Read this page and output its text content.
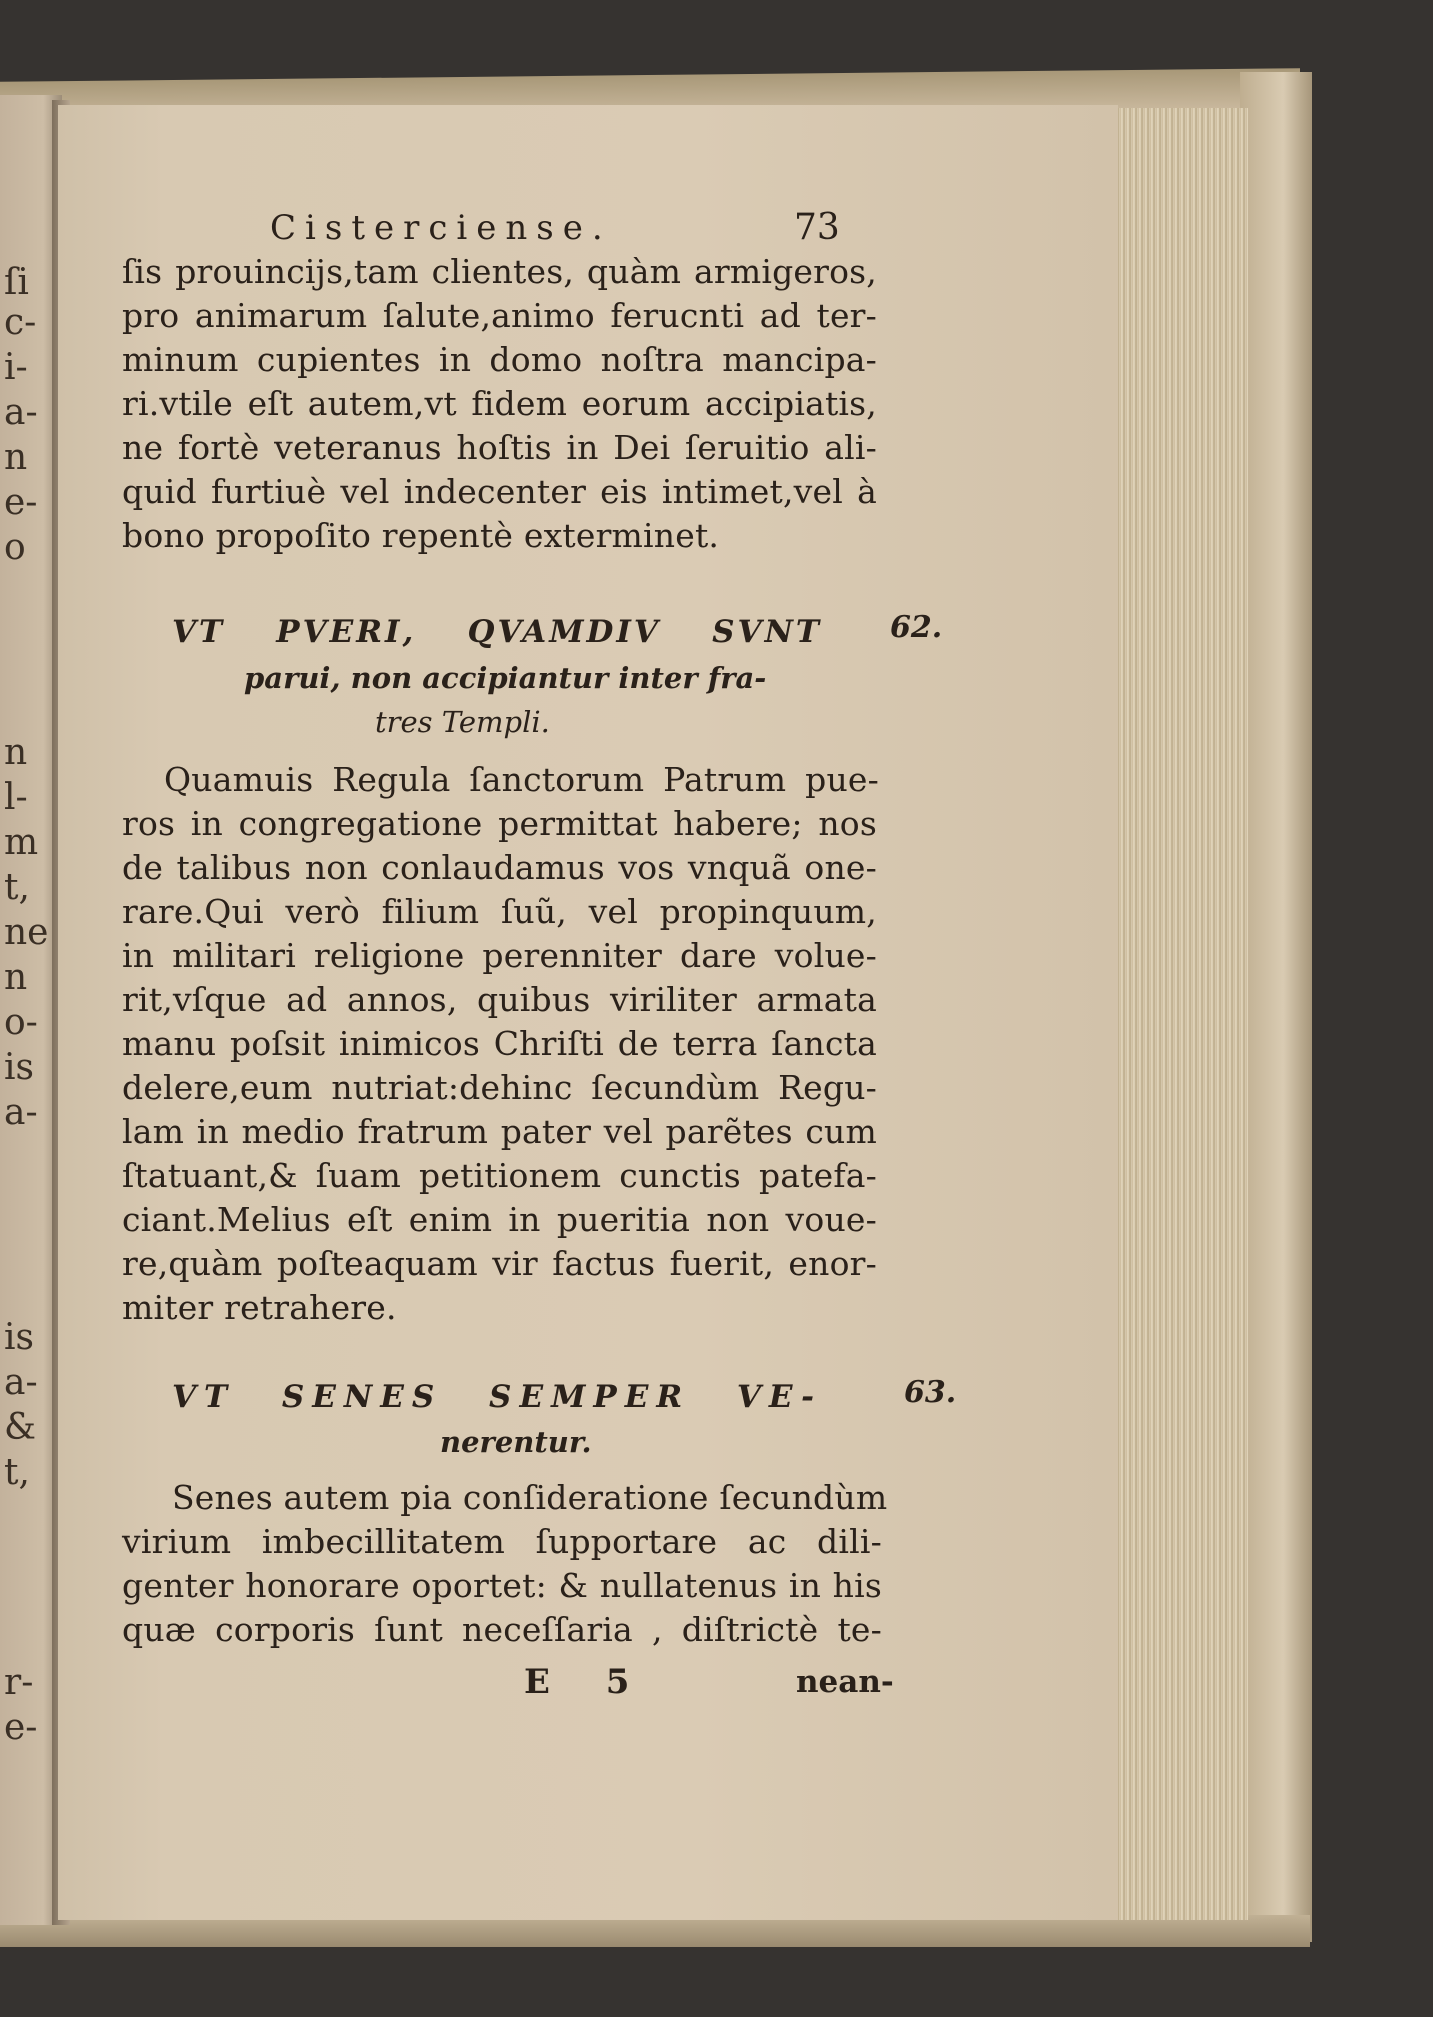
ſi
c-
i-
a-
n
e-
o
n
l-
m
t,
ne
n
o-
is
a-
is
a-
&
t,
r-
e-
Cisterciense.	73
ſis prouincijs,tam clientes, quàm armigeros,
pro animarum ſalute,animo ferucnti ad ter-
minum cupientes in domo noſtra mancipa-
ri.vtile eſt autem,vt fidem eorum accipiatis,
ne fortè veteranus hoſtis in Dei ſeruitio ali-
quid furtiuè vel indecenter eis intimet,vel à
bono propoſito repentè exterminet.
VT PVERI, QVAMDIV SVNT 62.
parui, non accipiantur inter fra-
tres Templi.
Quamuis Regula ſanctorum Patrum pue-
ros in congregatione permittat habere; nos
de talibus non conlaudamus vos vnquã one-
rare.Qui verò filium ſuũ, vel propinquum,
in militari religione perenniter dare volue-
rit,vſque ad annos, quibus viriliter armata
manu poſsit inimicos Chriſti de terra ſancta
delere,eum nutriat:dehinc ſecundùm Regu-
lam in medio fratrum pater vel parẽtes cum
ſtatuant,& ſuam petitionem cunctis patefa-
ciant.Melius eſt enim in pueritia non voue-
re,quàm poſteaquam vir factus fuerit, enor-
miter retrahere.
VT SENES SEMPER VE-	63.
nerentur.
Senes autem pia conſideratione ſecundùm
virium imbecillitatem ſupportare ac dili-
genter honorare oportet: & nullatenus in his
quæ corporis ſunt neceſſaria , diſtrictè te-
E 5	nean-
